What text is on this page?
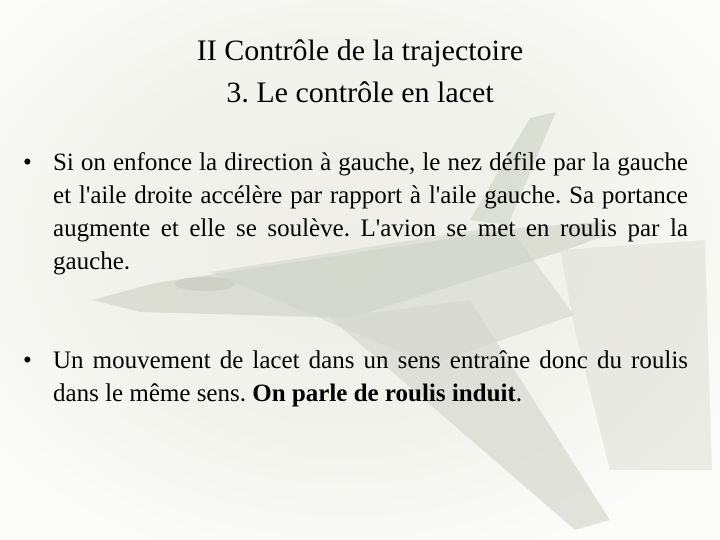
II Contrôle de la trajectoire
3. Le contrôle en lacet
• Si on enfonce la direction à gauche, le nez défile par la gauche et l'aile droite accélère par rapport à l'aile gauche. Sa portance augmente et elle se soulève. L'avion se met en roulis par la gauche.
• Un mouvement de lacet dans un sens entraîne donc du roulis dans le même sens. On parle de roulis induit.
